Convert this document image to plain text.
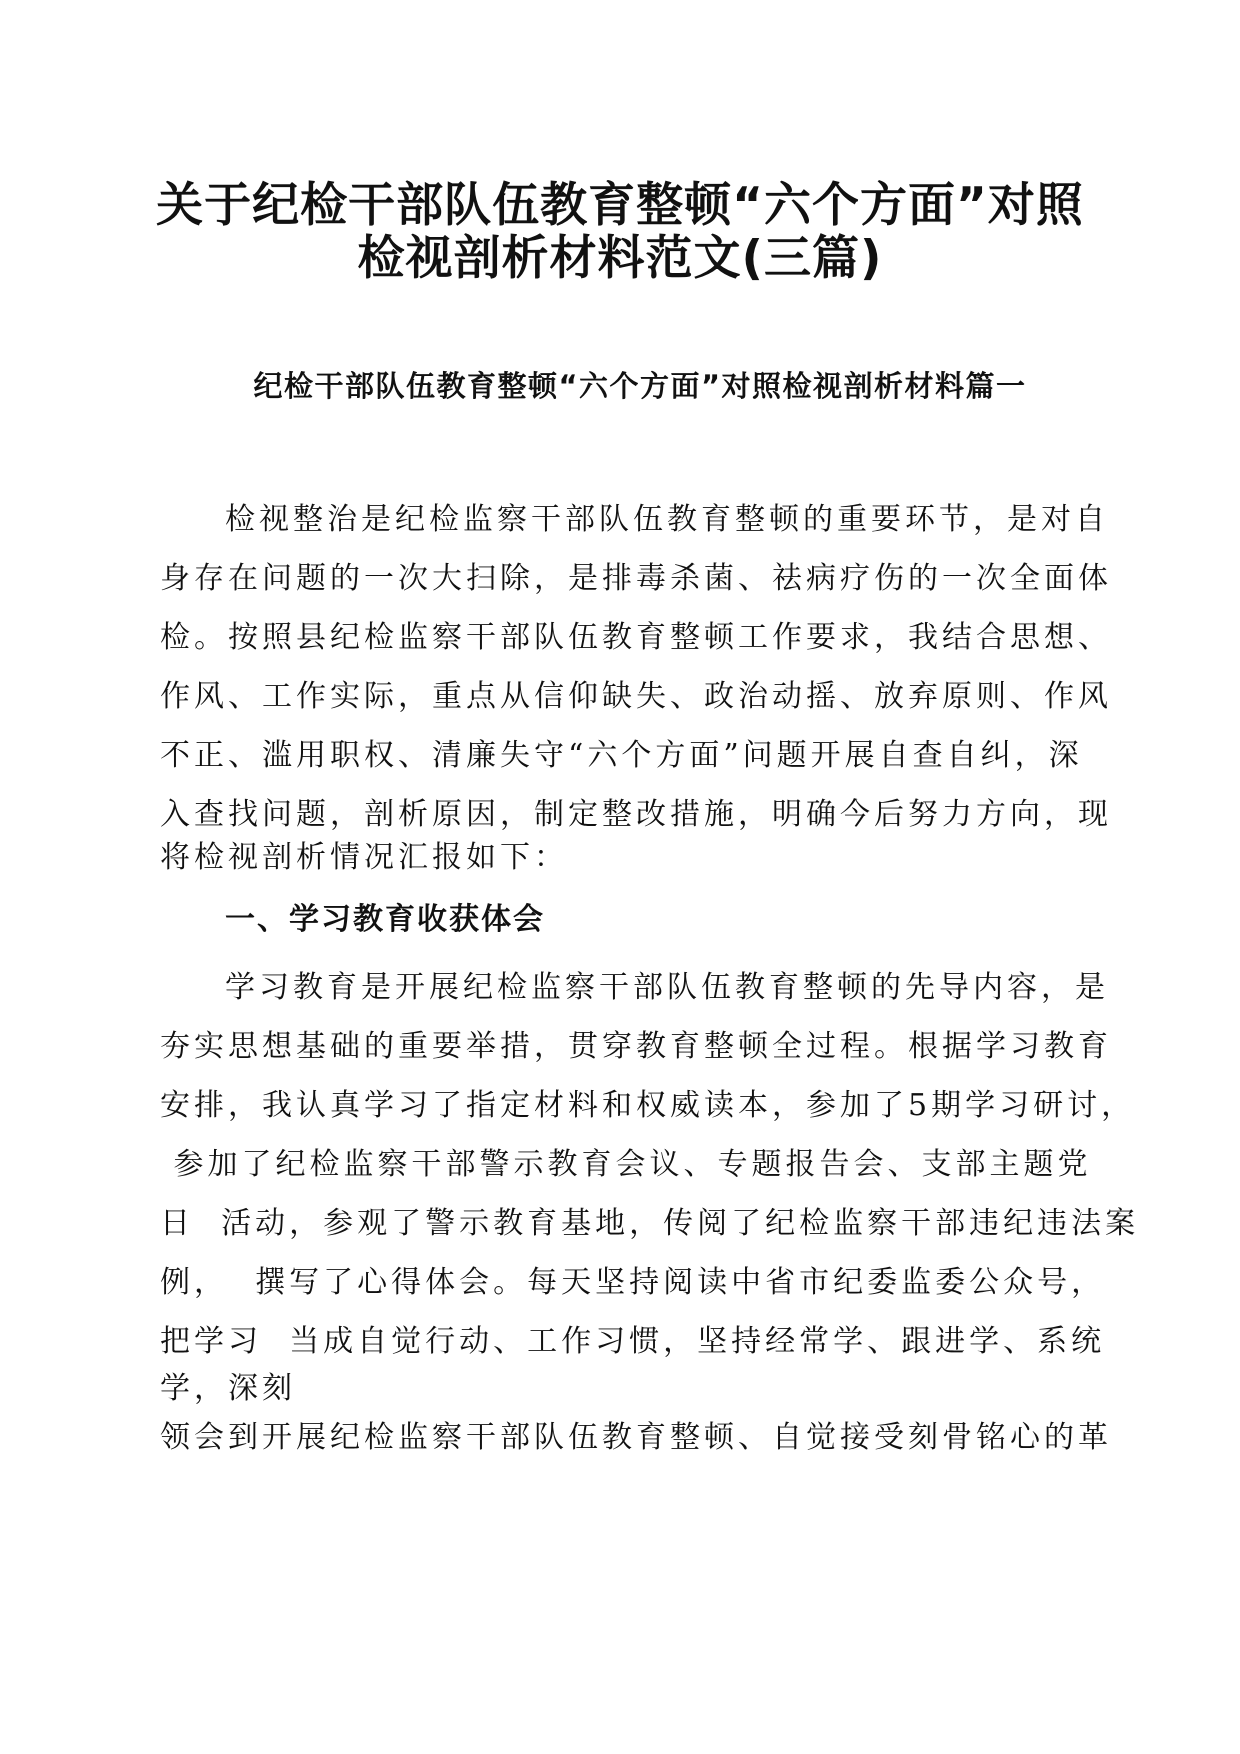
关于纪检干部队伍教育整顿“六个方面”对照
检视剖析材料范文(三篇)
纪检干部队伍教育整顿“六个方面”对照检视剖析材料篇一
检视整治是纪检监察干部队伍教育整顿的重要环节，是对自
身存在问题的一次大扫除，是排毒杀菌、祛病疗伤的一次全面体
检。按照县纪检监察干部队伍教育整顿工作要求，我结合思想、
作风、工作实际，重点从信仰缺失、政治动摇、放弃原则、作风
不正、滥用职权、清廉失守“六个方面”问题开展自查自纠，深
入查找问题，剖析原因，制定整改措施，明确今后努力方向，现
将检视剖析情况汇报如下：
一、学习教育收获体会
学习教育是开展纪检监察干部队伍教育整顿的先导内容，是
夯实思想基础的重要举措，贯穿教育整顿全过程。根据学习教育
安排，我认真学习了指定材料和权威读本，参加了5期学习研讨，
参加了纪检监察干部警示教育会议、专题报告会、支部主题党
日  活动，参观了警示教育基地，传阅了纪检监察干部违纪违法案
例，  撰写了心得体会。每天坚持阅读中省市纪委监委公众号，
把学习  当成自觉行动、工作习惯，坚持经常学、跟进学、系统
学，深刻
领会到开展纪检监察干部队伍教育整顿、自觉接受刻骨铭心的革
